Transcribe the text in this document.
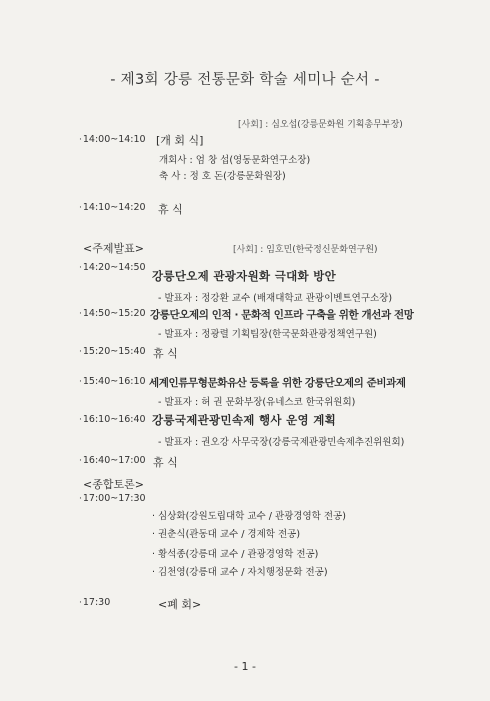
- 제3회 강릉 전통문화 학술 세미나 순서 -
[사회] : 심오섭(강릉문화원 기획총무부장)
·14:00~14:10 [개 회 식]
개회사 : 엄 창 섭(영동문화연구소장)
축 사 : 정 호 돈(강릉문화원장)
·14:10~14:20 휴 식
<주제발표>	[사회] : 임호민(한국정신문화연구원)
·14:20~14:50
강릉단오제 관광자원화 극대화 방안
- 발표자 : 정강환 교수 (배재대학교 관광이벤트연구소장)
·14:50~15:20 강릉단오제의 인적 · 문화적 인프라 구축을 위한 개선과 전망
- 발표자 : 정광렬 기획팀장(한국문화관광정책연구원)
·15:20~15:40 휴 식
·15:40~16:10 세계인류무형문화유산 등록을 위한 강릉단오제의 준비과제
- 발표자 : 허 권 문화부장(유네스코 한국위원회)
·16:10~16:40 강릉국제관광민속제 행사 운영 계획
- 발표자 : 권오강 사무국장(강릉국제관광민속제추진위원회)
·16:40~17:00 휴 식
<종합토론>
·17:00~17:30
· 심상화(강원도립대학 교수 / 관광경영학 전공)
· 권춘식(관동대 교수 / 경제학 전공)
· 황석종(강릉대 교수 / 관광경영학 전공)
· 김천영(강릉대 교수 / 자치행정문화 전공)
·17:30	<폐 회>
- 1 -
